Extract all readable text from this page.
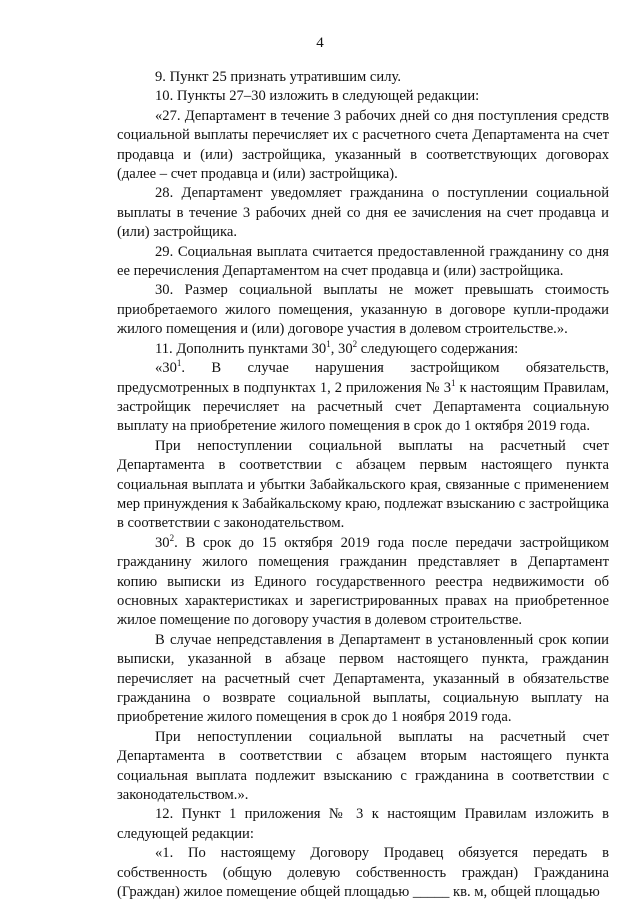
4

9. Пункт 25 признать утратившим силу.

10. Пункты 27–30 изложить в следующей редакции:

«27. Департамент в течение 3 рабочих дней со дня поступления средств социальной выплаты перечисляет их с расчетного счета Департамента на счет продавца и (или) застройщика, указанный в соответствующих договорах (далее – счет продавца и (или) застройщика).

28. Департамент уведомляет гражданина о поступлении социальной выплаты в течение 3 рабочих дней со дня ее зачисления на счет продавца и (или) застройщика.

29. Социальная выплата считается предоставленной гражданину со дня ее перечисления Департаментом на счет продавца и (или) застройщика.

30. Размер социальной выплаты не может превышать стоимость приобретаемого жилого помещения, указанную в договоре купли-продажи жилого помещения и (или) договоре участия в долевом строительстве.».

11. Дополнить пунктами $30^1$, $30^2$ следующего содержания:

«$30^1$. В случае нарушения застройщиком обязательств, предусмотренных в подпунктах 1, 2 приложения № $3^1$ к настоящим Правилам, застройщик перечисляет на расчетный счет Департамента социальную выплату на приобретение жилого помещения в срок до 1 октября 2019 года.

При непоступлении социальной выплаты на расчетный счет Департамента в соответствии с абзацем первым настоящего пункта социальная выплата и убытки Забайкальского края, связанные с применением мер принуждения к Забайкальскому краю, подлежат взысканию с застройщика в соответствии с законодательством.

$30^2$. В срок до 15 октября 2019 года после передачи застройщиком гражданину жилого помещения гражданин представляет в Департамент копию выписки из Единого государственного реестра недвижимости об основных характеристиках и зарегистрированных правах на приобретенное жилое помещение по договору участия в долевом строительстве.

В случае непредставления в Департамент в установленный срок копии выписки, указанной в абзаце первом настоящего пункта, гражданин перечисляет на расчетный счет Департамента, указанный в обязательстве гражданина о возврате социальной выплаты, социальную выплату на приобретение жилого помещения в срок до 1 ноября 2019 года.

При непоступлении социальной выплаты на расчетный счет Департамента в соответствии с абзацем вторым настоящего пункта социальная выплата подлежит взысканию с гражданина в соответствии с законодательством.».

12. Пункт 1 приложения № 3 к настоящим Правилам изложить в следующей редакции:

«1. По настоящему Договору Продавец обязуется передать в собственность (общую долевую собственность граждан) Гражданина (Граждан) жилое помещение общей площадью _____ кв. м, общей площадью
